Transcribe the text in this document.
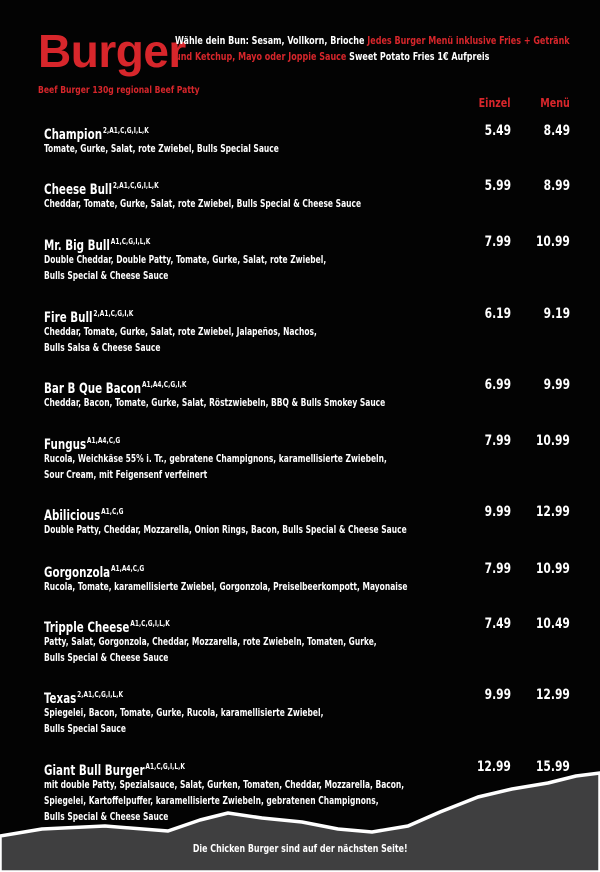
Burger
Wähle dein Bun: Sesam, Vollkorn, Brioche Jedes Burger Menü inklusive Fries + Getränk und Ketchup, Mayo oder Joppie Sauce Sweet Potato Fries 1€ Aufpreis
Beef Burger 130g regional Beef Patty
Einzel Menü
Champion$^{2,A1,C,G,I,L,K}$
Tomate, Gurke, Salat, rote Zwiebel, Bulls Special Sauce
5.49 8.49
Cheese Bull$^{2,A1,C,G,I,L,K}$
Cheddar, Tomate, Gurke, Salat, rote Zwiebel, Bulls Special & Cheese Sauce
5.99 8.99
Mr. Big Bull$^{A1,C,G,I,L,K}$
Double Cheddar, Double Patty, Tomate, Gurke, Salat, rote Zwiebel,
Bulls Special & Cheese Sauce
7.99 10.99
Fire Bull$^{2,A1,C,G,I,K}$
Cheddar, Tomate, Gurke, Salat, rote Zwiebel, Jalapeños, Nachos,
Bulls Salsa & Cheese Sauce
6.19 9.19
Bar B Que Bacon$^{A1,A4,C,G,I,K}$
Cheddar, Bacon, Tomate, Gurke, Salat, Röstzwiebeln, BBQ & Bulls Smokey Sauce
6.99 9.99
Fungus$^{A1,A4,C,G}$
Rucola, Weichkäse 55% i. Tr., gebratene Champignons, karamellisierte Zwiebeln,
Sour Cream, mit Feigensenf verfeinert
7.99 10.99
Abilicious$^{A1,C,G}$
Double Patty, Cheddar, Mozzarella, Onion Rings, Bacon, Bulls Special & Cheese Sauce
9.99 12.99
Gorgonzola$^{A1,A4,C,G}$
Rucola, Tomate, karamellisierte Zwiebel, Gorgonzola, Preiselbeerkompott, Mayonaise
7.99 10.99
Tripple Cheese$^{A1,C,G,I,L,K}$
Patty, Salat, Gorgonzola, Cheddar, Mozzarella, rote Zwiebeln, Tomaten, Gurke,
Bulls Special & Cheese Sauce
7.49 10.49
Texas$^{2,A1,C,G,I,L,K}$
Spiegelei, Bacon, Tomate, Gurke, Rucola, karamellisierte Zwiebel,
Bulls Special Sauce
9.99 12.99
Giant Bull Burger$^{A1,C,G,I,L,K}$
mit double Patty, Spezialsauce, Salat, Gurken, Tomaten, Cheddar, Mozzarella, Bacon,
Spiegelei, Kartoffelpuffer, karamellisierte Zwiebeln, gebratenen Champignons,
Bulls Special & Cheese Sauce
12.99 15.99
Die Chicken Burger sind auf der nächsten Seite!
